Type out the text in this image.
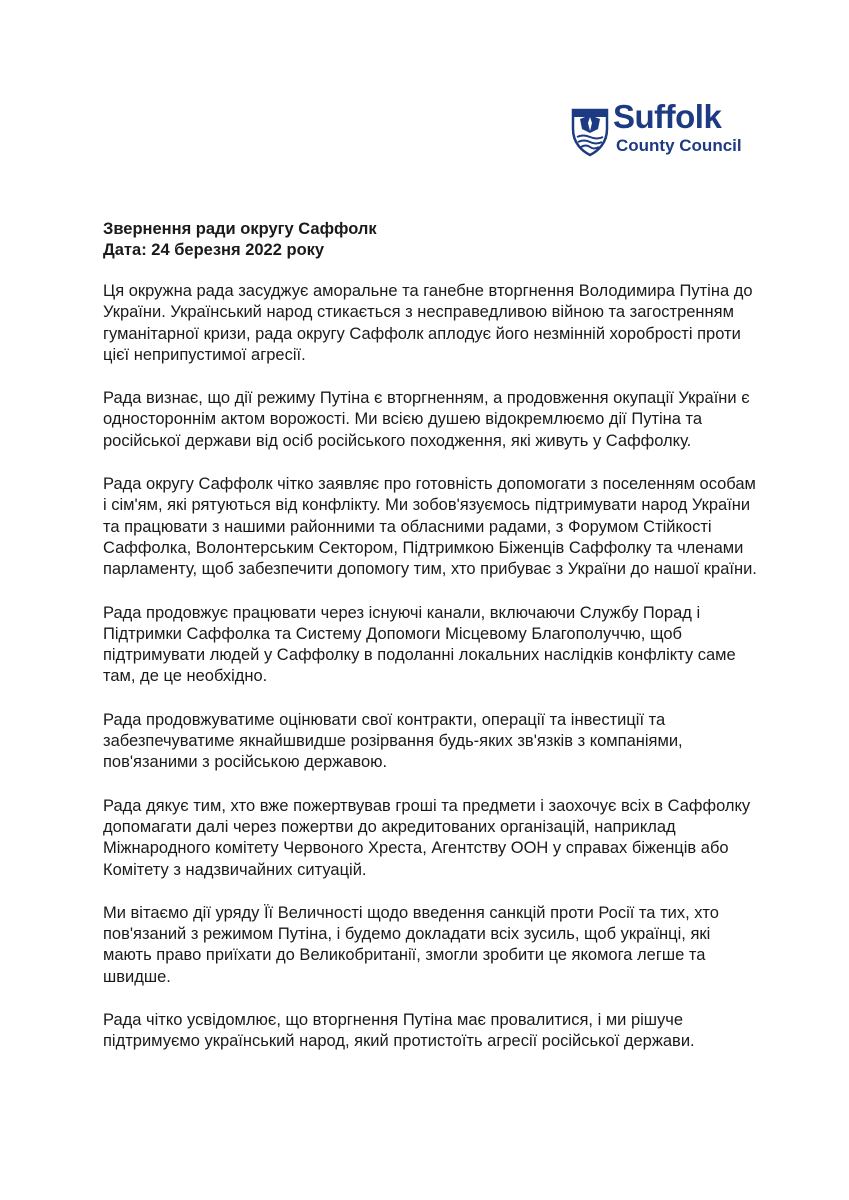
Suffolk
County Council
Звернення ради округу Саффолк
Дата: 24 березня 2022 року

Ця окружна рада засуджує аморальне та ганебне вторгнення Володимира Путіна до України. Український народ стикається з несправедливою війною та загостренням гуманітарної кризи, рада округу Саффолк аплодує його незмінній хоробрості проти цієї неприпустимої агресії.

Рада визнає, що дії режиму Путіна є вторгненням, а продовження окупації України є одностороннім актом ворожості. Ми всією душею відокремлюємо дії Путіна та російської держави від осіб російського походження, які живуть у Саффолку.

Рада округу Саффолк чітко заявляє про готовність допомогати з поселенням особам і сім'ям, які рятуються від конфлікту. Ми зобов'язуємось підтримувати народ України та працювати з нашими районними та обласними радами, з Форумом Стійкості Саффолка, Волонтерським Сектором, Підтримкою Біженців Саффолку та членами парламенту, щоб забезпечити допомогу тим, хто прибуває з України до нашої країни.

Рада продовжує працювати через існуючі канали, включаючи Службу Порад і Підтримки Саффолка та Систему Допомоги Місцевому Благополуччю, щоб підтримувати людей у Саффолку в подоланні локальних наслідків конфлікту саме там, де це необхідно.

Рада продовжуватиме оцінювати свої контракти, операції та інвестиції та забезпечуватиме якнайшвидше розірвання будь-яких зв'язків з компаніями, пов'язаними з російською державою.

Рада дякує тим, хто вже пожертвував гроші та предмети і заохочує всіх в Саффолку допомагати далі через пожертви до акредитованих організацій, наприклад Міжнародного комітету Червоного Хреста, Агентству ООН у справах біженців або Комітету з надзвичайних ситуацій.

Ми вітаємо дії уряду Її Величності щодо введення санкцій проти Росії та тих, хто пов'язаний з режимом Путіна, і будемо докладати всіх зусиль, щоб українці, які мають право приїхати до Великобританії, змогли зробити це якомога легше та швидше.

Рада чітко усвідомлює, що вторгнення Путіна має провалитися, і ми рішуче підтримуємо український народ, який протистоїть агресії російської держави.
